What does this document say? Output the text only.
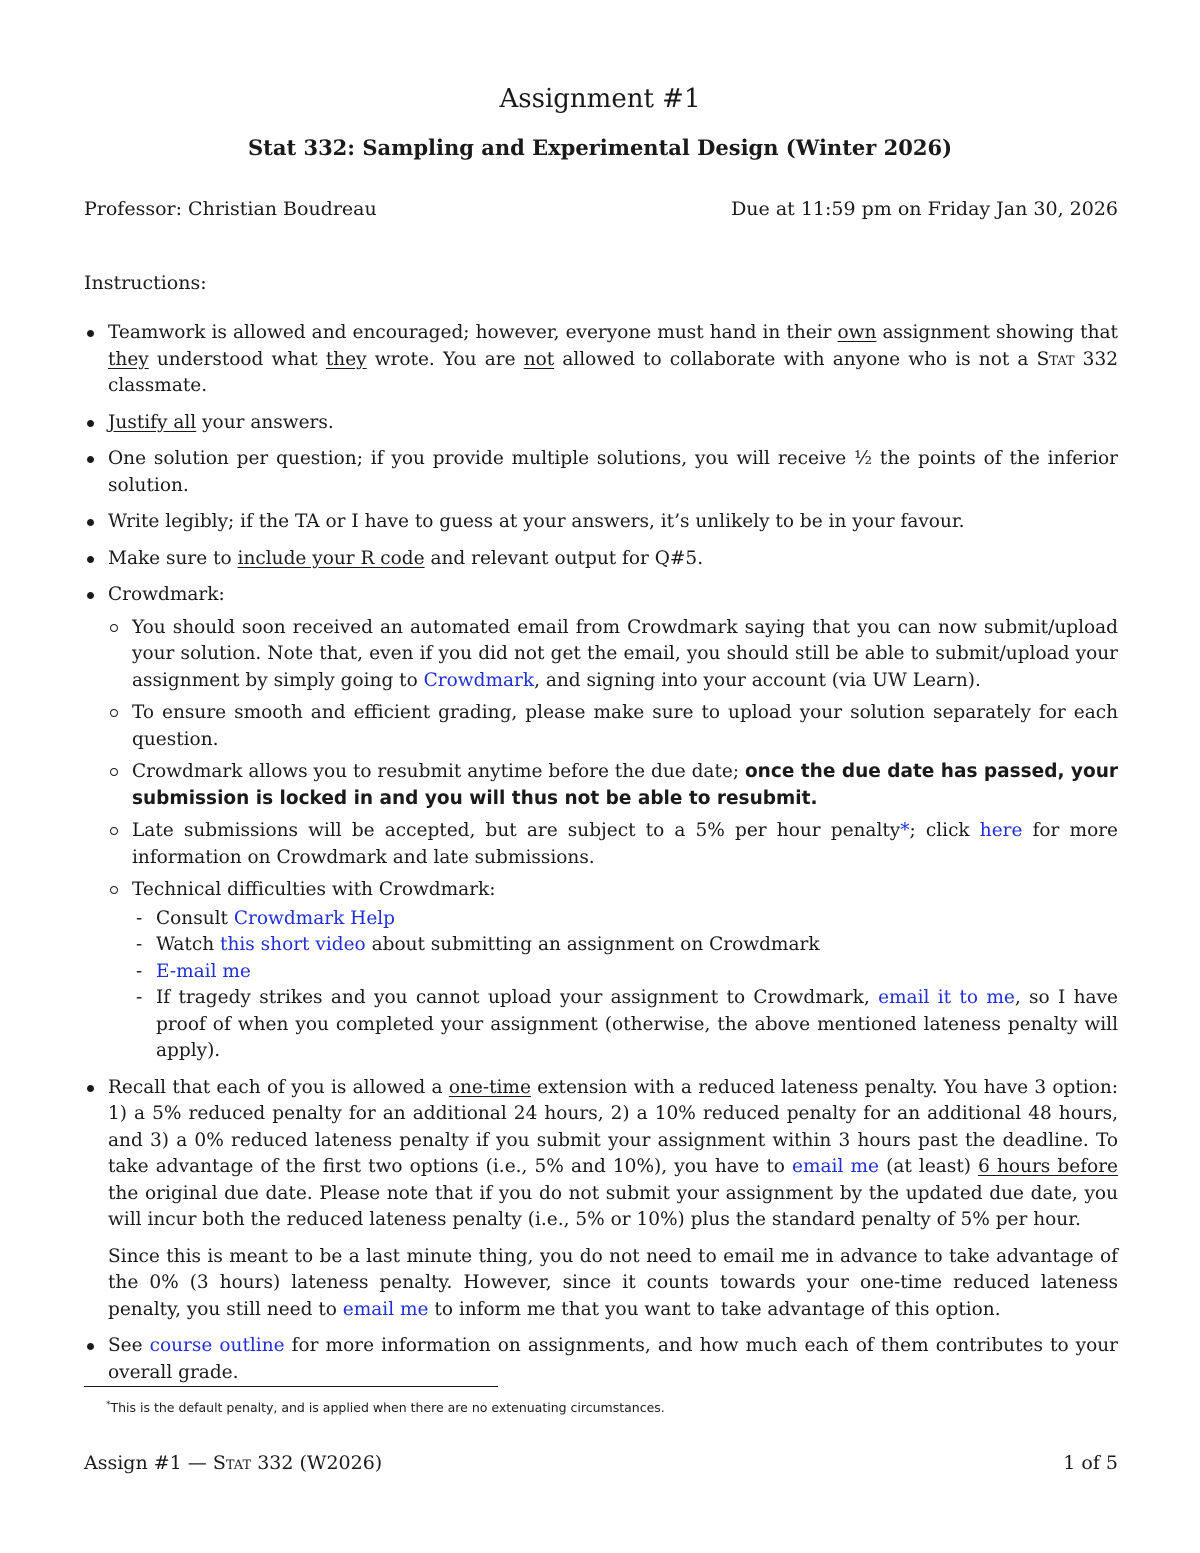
Assignment #1
Stat 332: Sampling and Experimental Design (Winter 2026)
Professor: Christian Boudreau	Due at 11:59 pm on Friday Jan 30, 2026
Instructions:
Teamwork is allowed and encouraged; however, everyone must hand in their own assignment showing that they understood what they wrote. You are not allowed to collaborate with anyone who is not a Stat 332 classmate.
Justify all your answers.
One solution per question; if you provide multiple solutions, you will receive ½ the points of the inferior solution.
Write legibly; if the TA or I have to guess at your answers, it’s unlikely to be in your favour.
Make sure to include your R code and relevant output for Q#5.
Crowdmark:
You should soon received an automated email from Crowdmark saying that you can now submit/upload your solution. Note that, even if you did not get the email, you should still be able to submit/upload your assignment by simply going to Crowdmark, and signing into your account (via UW Learn).
To ensure smooth and efficient grading, please make sure to upload your solution separately for each question.
Crowdmark allows you to resubmit anytime before the due date; once the due date has passed, your submission is locked in and you will thus not be able to resubmit.
Late submissions will be accepted, but are subject to a 5% per hour penalty*; click here for more information on Crowdmark and late submissions.
Technical difficulties with Crowdmark:
- Consult Crowdmark Help
- Watch this short video about submitting an assignment on Crowdmark
- E-mail me
- If tragedy strikes and you cannot upload your assignment to Crowdmark, email it to me, so I have proof of when you completed your assignment (otherwise, the above mentioned lateness penalty will apply).
Recall that each of you is allowed a one-time extension with a reduced lateness penalty. You have 3 option: 1) a 5% reduced penalty for an additional 24 hours, 2) a 10% reduced penalty for an additional 48 hours, and 3) a 0% reduced lateness penalty if you submit your assignment within 3 hours past the deadline. To take advantage of the first two options (i.e., 5% and 10%), you have to email me (at least) 6 hours before the original due date. Please note that if you do not submit your assignment by the updated due date, you will incur both the reduced lateness penalty (i.e., 5% or 10%) plus the standard penalty of 5% per hour.
Since this is meant to be a last minute thing, you do not need to email me in advance to take advantage of the 0% (3 hours) lateness penalty. However, since it counts towards your one-time reduced lateness penalty, you still need to email me to inform me that you want to take advantage of this option.
See course outline for more information on assignments, and how much each of them contributes to your overall grade.
*This is the default penalty, and is applied when there are no extenuating circumstances.
Assign #1 — Stat 332 (W2026)	1 of 5
